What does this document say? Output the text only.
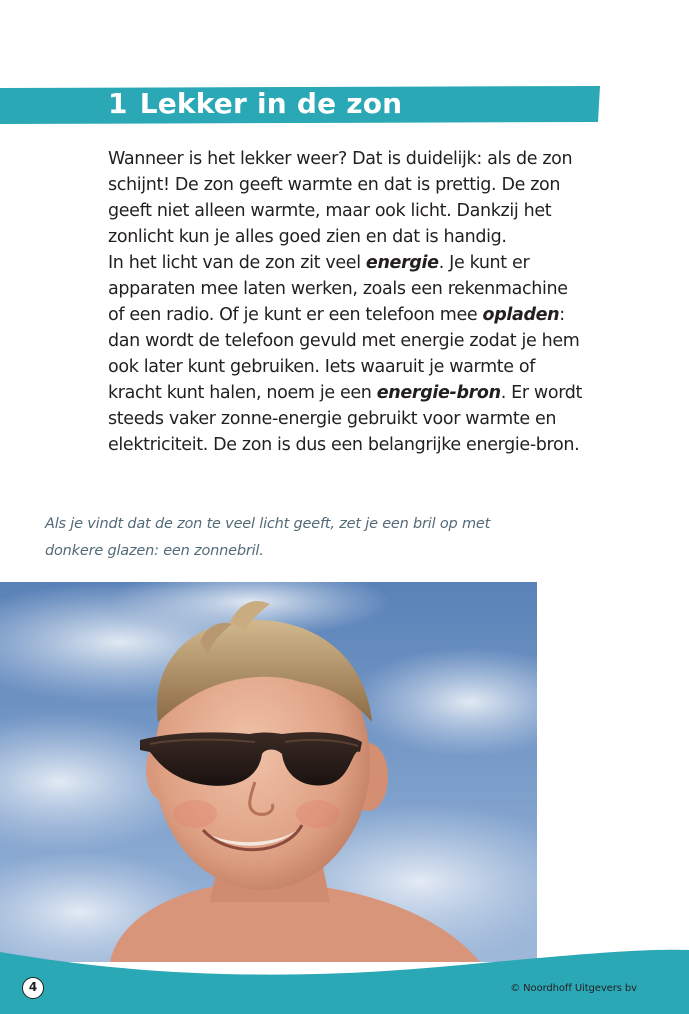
1 Lekker in de zon
Wanneer is het lekker weer? Dat is duidelijk: als de zon
schijnt! De zon geeft warmte en dat is prettig. De zon
geeft niet alleen warmte, maar ook licht. Dankzij het
zonlicht kun je alles goed zien en dat is handig.
In het licht van de zon zit veel energie. Je kunt er
apparaten mee laten werken, zoals een rekenmachine
of een radio. Of je kunt er een telefoon mee opladen:
dan wordt de telefoon gevuld met energie zodat je hem
ook later kunt gebruiken. Iets waaruit je warmte of
kracht kunt halen, noem je een energie-bron. Er wordt
steeds vaker zonne-energie gebruikt voor warmte en
elektriciteit. De zon is dus een belangrijke energie-bron.
Als je vindt dat de zon te veel licht geeft, zet je een bril op met
donkere glazen: een zonnebril.
4	© Noordhoff Uitgevers bv
